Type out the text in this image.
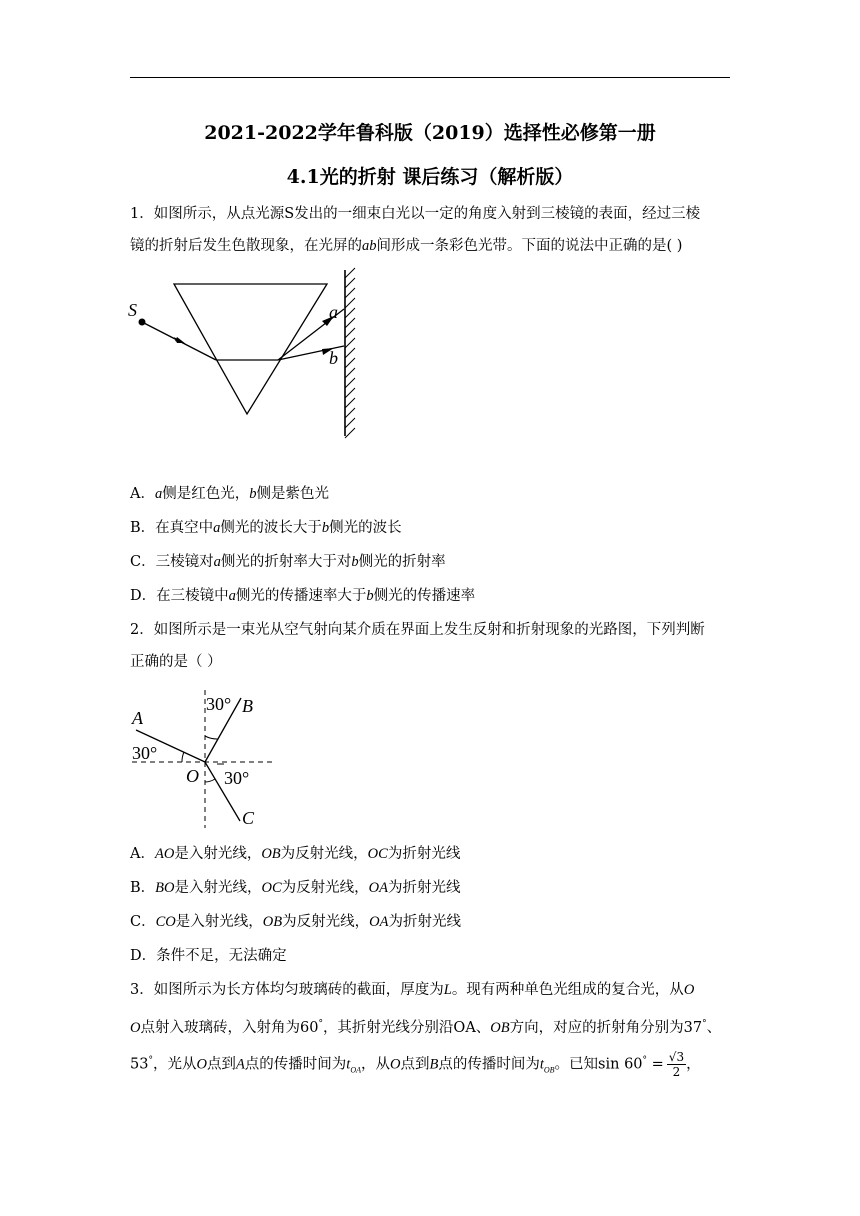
2021-2022学年鲁科版（2019）选择性必修第一册
4.1光的折射 课后练习（解析版）
1．如图所示，从点光源S发出的一细束白光以一定的角度入射到三棱镜的表面，经过三棱
镜的折射后发生色散现象，在光屏的ab间形成一条彩色光带。下面的说法中正确的是( )
S	a
b
A．a侧是红色光，b侧是紫色光
B．在真空中a侧光的波长大于b侧光的波长
C．三棱镜对a侧光的折射率大于对b侧光的折射率
D．在三棱镜中a侧光的传播速率大于b侧光的传播速率
2．如图所示是一束光从空气射向某介质在界面上发生反射和折射现象的光路图，下列判断
正确的是（ ）
30° B
A
30°
O 30°
C
A．AO是入射光线，OB为反射光线，OC为折射光线
B．BO是入射光线，OC为反射光线，OA为折射光线
C．CO是入射光线，OB为反射光线，OA为折射光线
D．条件不足，无法确定
3．如图所示为长方体均匀玻璃砖的截面，厚度为L。现有两种单色光组成的复合光，从O
O点射入玻璃砖，入射角为60°，其折射光线分别沿OA、OB方向，对应的折射角分别为37°、
53°，光从O点到A点的传播时间为$t_{OA}$，从O点到B点的传播时间为$t_{OB}$。已知$\sin 60^\circ = \frac{√3}{2}$ ，
